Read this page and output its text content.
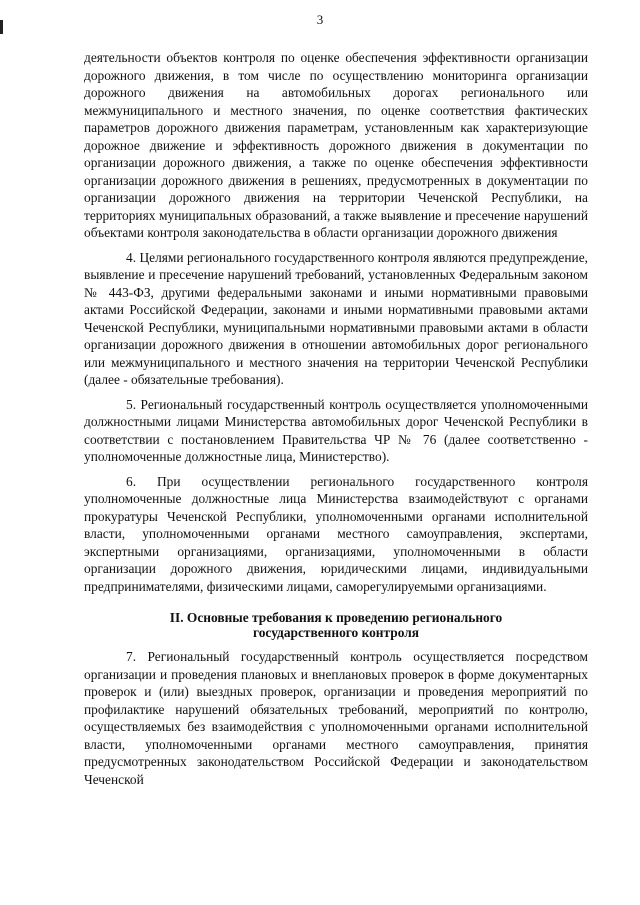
3

деятельности объектов контроля по оценке обеспечения эффективности организации дорожного движения, в том числе по осуществлению мониторинга организации дорожного движения на автомобильных дорогах регионального или межмуниципального и местного значения, по оценке соответствия фактических параметров дорожного движения параметрам, установленным как характеризующие дорожное движение и эффективность дорожного движения в документации по организации дорожного движения, а также по оценке обеспечения эффективности организации дорожного движения в решениях, предусмотренных в документации по организации дорожного движения на территории Чеченской Республики, на территориях муниципальных образований, а также выявление и пресечение нарушений объектами контроля законодательства в области организации дорожного движения

4. Целями регионального государственного контроля являются предупреждение, выявление и пресечение нарушений требований, установленных Федеральным законом № 443-ФЗ, другими федеральными законами и иными нормативными правовыми актами Российской Федерации, законами и иными нормативными правовыми актами Чеченской Республики, муниципальными нормативными правовыми актами в области организации дорожного движения в отношении автомобильных дорог регионального или межмуниципального и местного значения на территории Чеченской Республики (далее - обязательные требования).

5. Региональный государственный контроль осуществляется уполномоченными должностными лицами Министерства автомобильных дорог Чеченской Республики в соответствии с постановлением Правительства ЧР № 76 (далее соответственно - уполномоченные должностные лица, Министерство).

6. При осуществлении регионального государственного контроля уполномоченные должностные лица Министерства взаимодействуют с органами прокуратуры Чеченской Республики, уполномоченными органами исполнительной власти, уполномоченными органами местного самоуправления, экспертами, экспертными организациями, организациями, уполномоченными в области организации дорожного движения, юридическими лицами, индивидуальными предпринимателями, физическими лицами, саморегулируемыми организациями.

II. Основные требования к проведению регионального
государственного контроля

7. Региональный государственный контроль осуществляется посредством организации и проведения плановых и внеплановых проверок в форме документарных проверок и (или) выездных проверок, организации и проведения мероприятий по профилактике нарушений обязательных требований, мероприятий по контролю, осуществляемых без взаимодействия с уполномоченными органами исполнительной власти, уполномоченными органами местного самоуправления, принятия предусмотренных законодательством Российской Федерации и законодательством Чеченской
